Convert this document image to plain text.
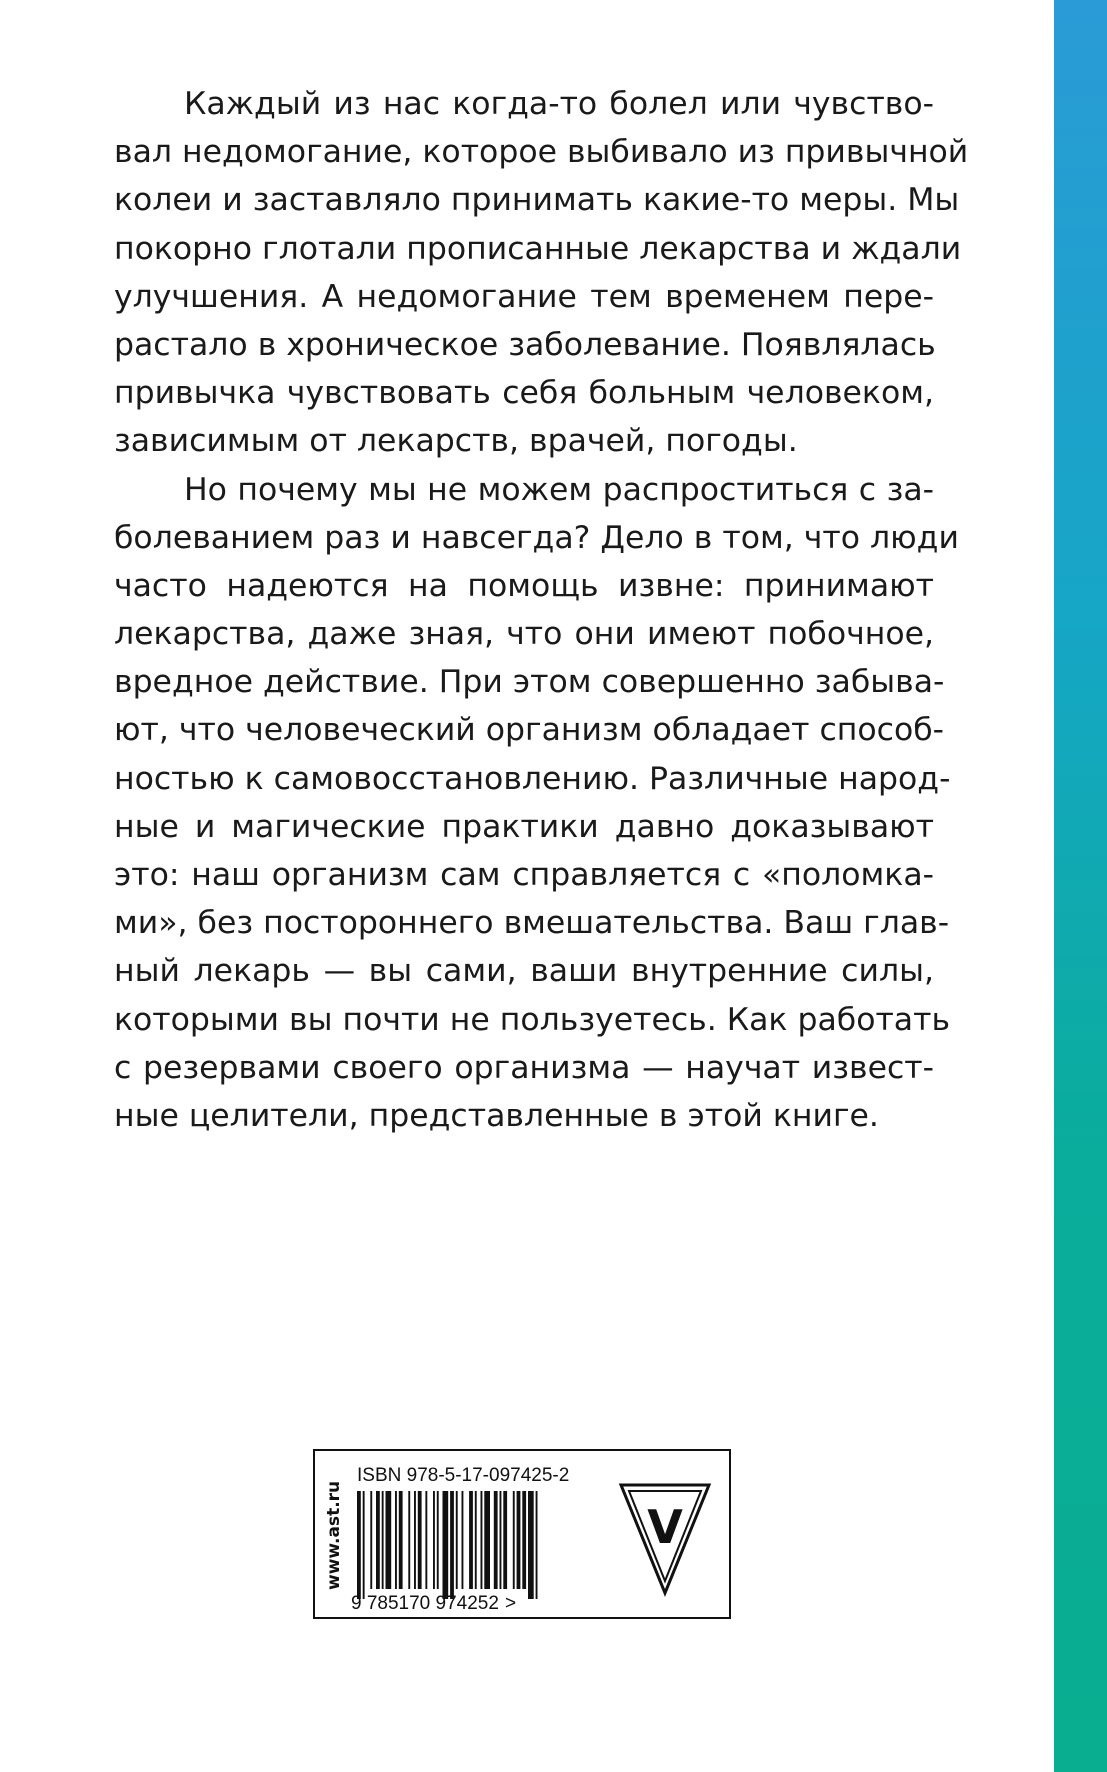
Каждый из нас когда-то болел или чувство-
вал недомогание, которое выбивало из привычной
колеи и заставляло принимать какие-то меры. Мы
покорно глотали прописанные лекарства и ждали
улучшения. А недомогание тем временем пере-
растало в хроническое заболевание. Появлялась
привычка чувствовать себя больным человеком,
зависимым от лекарств, врачей, погоды.
Но почему мы не можем распроститься с за-
болеванием раз и навсегда? Дело в том, что люди
часто надеются на помощь извне: принимают
лекарства, даже зная, что они имеют побочное,
вредное действие. При этом совершенно забыва-
ют, что человеческий организм обладает способ-
ностью к самовосстановлению. Различные народ-
ные и магические практики давно доказывают
это: наш организм сам справляется с «поломка-
ми», без постороннего вмешательства. Ваш глав-
ный лекарь — вы сами, ваши внутренние силы,
которыми вы почти не пользуетесь. Как работать
с резервами своего организма — научат извест-
ные целители, представленные в этой книге.
www.ast.ru
ISBN 978-5-17-097425-2
9 785170 974252 >
V
